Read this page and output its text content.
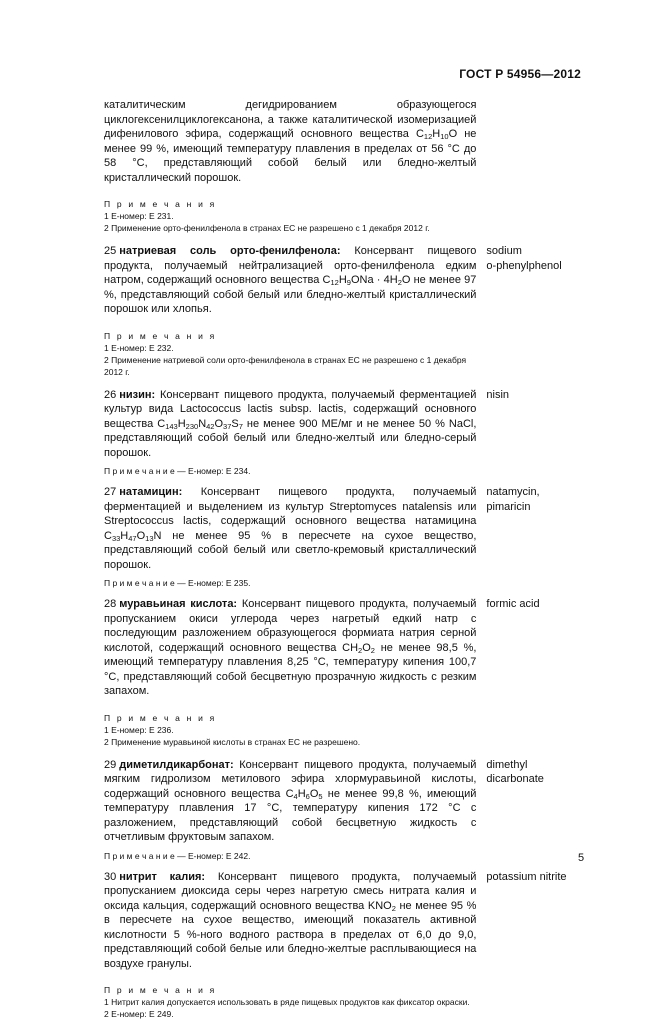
ГОСТ Р 54956—2012
каталитическим дегидрированием образующегося циклогексенилциклогексанона, а также каталитической изомеризацией дифенилового эфира, содержащий основного вещества $C_{12}H_{10}O$ не менее 99 %, имеющий температуру плавления в пределах от 56 °C до 58 °C, представляющий собой белый или бледно-желтый кристаллический порошок.
П р и м е ч а н и я
1 Е-номер: Е 231.
2 Применение орто-фенилфенола в странах ЕС не разрешено с 1 декабря 2012 г.
25 натриевая соль орто-фенилфенола: Консервант пищевого продукта, получаемый нейтрализацией орто-фенилфенола едким натром, содержащий основного вещества $C_{12}H_9ONa \cdot 4H_2O$ не менее 97 %, представляющий собой белый или бледно-желтый кристаллический порошок или хлопья.
sodium
o-phenylphenol
П р и м е ч а н и я
1 Е-номер: Е 232.
2 Применение натриевой соли орто-фенилфенола в странах ЕС не разрешено с 1 декабря 2012 г.
26 низин: Консервант пищевого продукта, получаемый ферментацией культур вида Lactococcus lactis subsp. lactis, содержащий основного вещества $C_{143}H_{230}N_{42}O_{37}S_7$ не менее 900 МЕ/мг и не менее 50 % NaCl, представляющий собой белый или бледно-желтый или бледно-серый порошок.
nisin
П р и м е ч а н и е — Е-номер: Е 234.
27 натамицин: Консервант пищевого продукта, получаемый ферментацией и выделением из культур Streptomyces natalensis или Streptococcus lactis, содержащий основного вещества натамицина $C_{33}H_{47}O_{13}N$ не менее 95 % в пересчете на сухое вещество, представляющий собой белый или светло-кремовый кристаллический порошок.
natamycin,
pimaricin
П р и м е ч а н и е — Е-номер: Е 235.
28 муравьиная кислота: Консервант пищевого продукта, получаемый пропусканием окиси углерода через нагретый едкий натр с последующим разложением образующегося формиата натрия серной кислотой, содержащий основного вещества $CH_2O_2$ не менее 98,5 %, имеющий температуру плавления 8,25 °C, температуру кипения 100,7 °C, представляющий собой бесцветную прозрачную жидкость с резким запахом.
formic acid
П р и м е ч а н и я
1 Е-номер: Е 236.
2 Применение муравьиной кислоты в странах ЕС не разрешено.
29 диметилдикарбонат: Консервант пищевого продукта, получаемый мягким гидролизом метилового эфира хлормуравьиной кислоты, содержащий основного вещества $C_4H_6O_5$ не менее 99,8 %, имеющий температуру плавления 17 °C, температуру кипения 172 °C с разложением, представляющий собой бесцветную жидкость с отчетливым фруктовым запахом.
dimethyl
dicarbonate
П р и м е ч а н и е — Е-номер: Е 242.
30 нитрит калия: Консервант пищевого продукта, получаемый пропусканием диоксида серы через нагретую смесь нитрата калия и оксида кальция, содержащий основного вещества $KNO_2$ не менее 95 % в пересчете на сухое вещество, имеющий показатель активной кислотности 5 %-ного водного раствора в пределах от 6,0 до 9,0, представляющий собой белые или бледно-желтые расплывающиеся на воздухе гранулы.
potassium nitrite
П р и м е ч а н и я
1 Нитрит калия допускается использовать в ряде пищевых продуктов как фиксатор окраски.
2 Е-номер: Е 249.
5
